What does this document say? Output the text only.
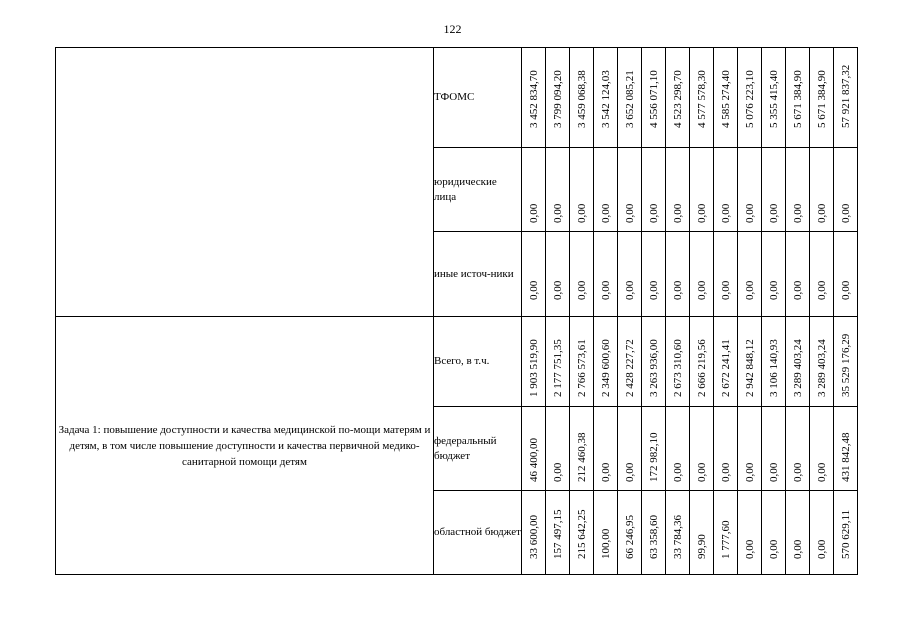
122
	ТФОМС	3 452 834,70	3 799 094,20	3 459 068,38	3 542 124,03	3 652 085,21	4 556 071,10	4 523 298,70	4 577 578,30	4 585 274,40	5 076 223,10	5 355 415,40	5 671 384,90	5 671 384,90	57 921 837,32

	юридические лица	0,00	0,00	0,00	0,00	0,00	0,00	0,00	0,00	0,00	0,00	0,00	0,00	0,00	0,00

	иные источ-ники	0,00	0,00	0,00	0,00	0,00	0,00	0,00	0,00	0,00	0,00	0,00	0,00	0,00	0,00

Задача 1: повышение доступности и качества медицинской по-мощи матерям и детям, в том числе повышение доступности и качества первичной медико-санитарной помощи детям	Всего, в т.ч.	1 903 519,90	2 177 751,35	2 766 573,61	2 349 600,60	2 428 227,72	3 263 936,00	2 673 310,60	2 666 219,56	2 672 241,41	2 942 848,12	3 106 140,93	3 289 403,24	3 289 403,24	35 529 176,29

	федеральный бюджет	46 400,00	0,00	212 460,38	0,00	0,00	172 982,10	0,00	0,00	0,00	0,00	0,00	0,00	0,00	431 842,48

	областной бюджет	33 600,00	157 497,15	215 642,25	100,00	66 246,95	63 358,60	33 784,36	99,90	1 777,60	0,00	0,00	0,00	0,00	570 629,11
